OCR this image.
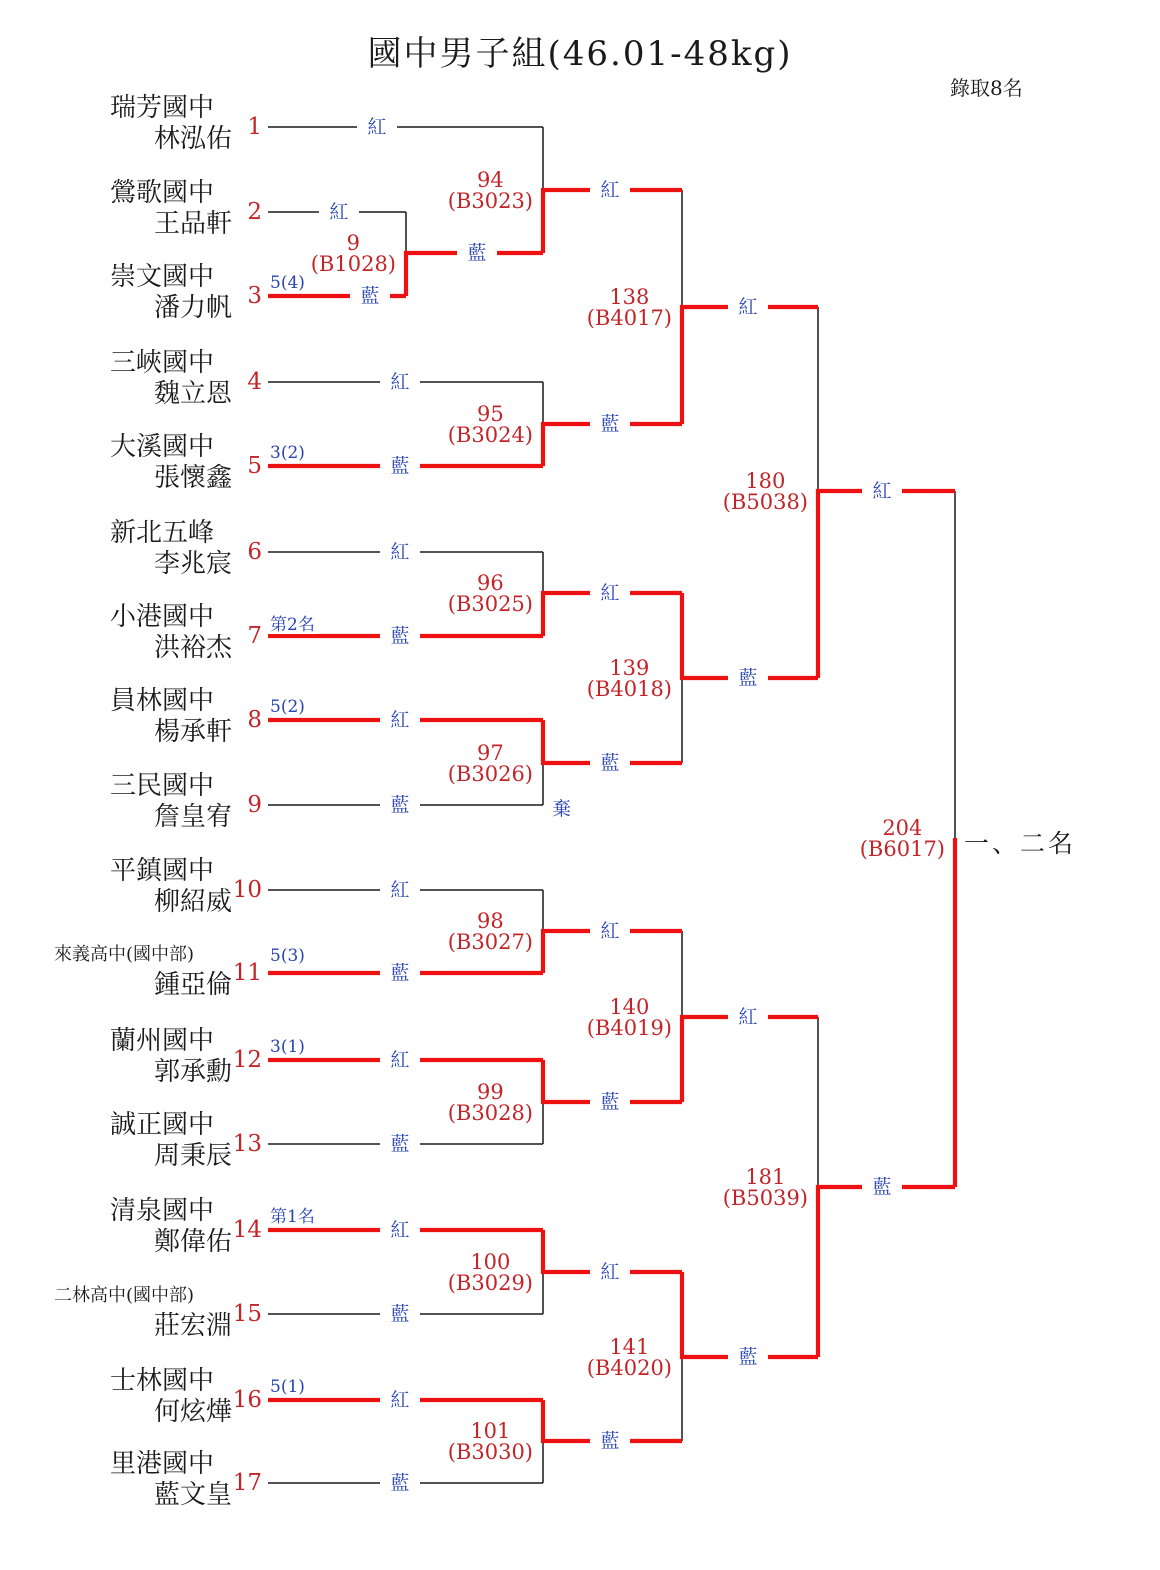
國中男子組(46.01-48kg)
錄取8名
瑞芳國中
林泓佑
鶯歌國中
王品軒
崇文國中
潘力帆
三峽國中
魏立恩
大溪國中
張懷鑫
新北五峰
李兆宸
小港國中
洪裕杰
員林國中
楊承軒
三民國中
詹皇宥
平鎮國中
柳紹威
來義高中(國中部)
鍾亞倫
蘭州國中
郭承勳
誠正國中
周秉辰
清泉國中
鄭偉佑
二林高中(國中部)
莊宏淵
士林國中
何炫燁
里港國中
藍文皇
1
2
3
4
5
6
7
8
9
10
11
12
13
14
15
16
17
紅
紅
藍
紅
藍
紅
藍
紅
藍
紅
藍
紅
藍
紅
藍
紅
藍
5(4)
3(2)
第2名
5(2)
5(3)
3(1)
第1名
5(1)
9
(B1028)
94
(B3023)
95
(B3024)
96
(B3025)
97
(B3026)
98
(B3027)
99
(B3028)
100
(B3029)
101
(B3030)
138
(B4017)
139
(B4018)
140
(B4019)
141
(B4020)
180
(B5038)
181
(B5039)
204
(B6017)
藍
紅
藍
紅
藍
紅
藍
紅
藍
紅
藍
紅
藍
紅
藍
棄
一、二名
